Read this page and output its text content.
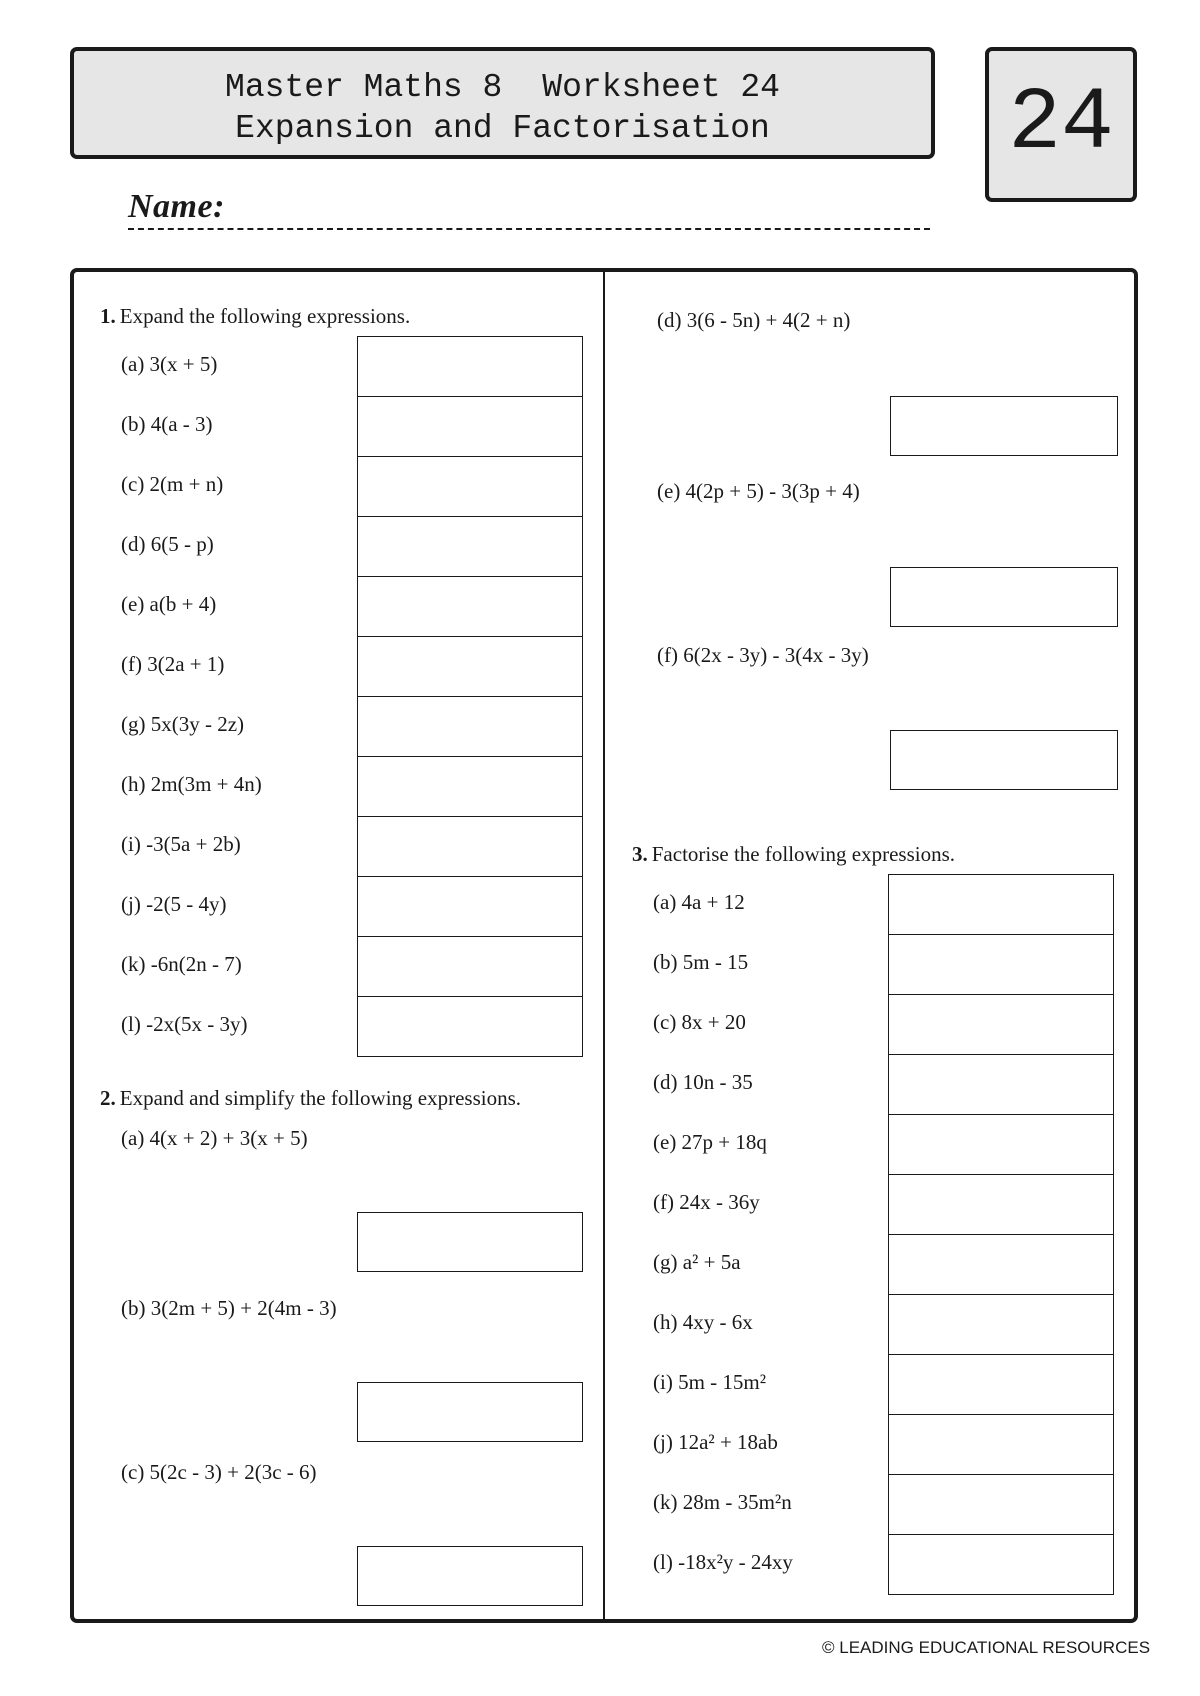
Master Maths 8 Worksheet 24
Expansion and Factorisation	24
Name:
1. Expand the following expressions.
(a) 3(x + 5)
(b) 4(a - 3)
(c) 2(m + n)
(d) 6(5 - p)
(e) a(b + 4)
(f) 3(2a + 1)
(g) 5x(3y - 2z)
(h) 2m(3m + 4n)
(i) -3(5a + 2b)
(j) -2(5 - 4y)
(k) -6n(2n - 7)
(l) -2x(5x - 3y)
2. Expand and simplify the following expressions.
(a) 4(x + 2) + 3(x + 5)
(b) 3(2m + 5) + 2(4m - 3)
(c) 5(2c - 3) + 2(3c - 6)
(d) 3(6 - 5n) + 4(2 + n)
(e) 4(2p + 5) - 3(3p + 4)
(f) 6(2x - 3y) - 3(4x - 3y)
3. Factorise the following expressions.
(a) 4a + 12
(b) 5m - 15
(c) 8x + 20
(d) 10n - 35
(e) 27p + 18q
(f) 24x - 36y
(g) a² + 5a
(h) 4xy - 6x
(i) 5m - 15m²
(j) 12a² + 18ab
(k) 28m - 35m²n
(l) -18x²y - 24xy
© LEADING EDUCATIONAL RESOURCES
